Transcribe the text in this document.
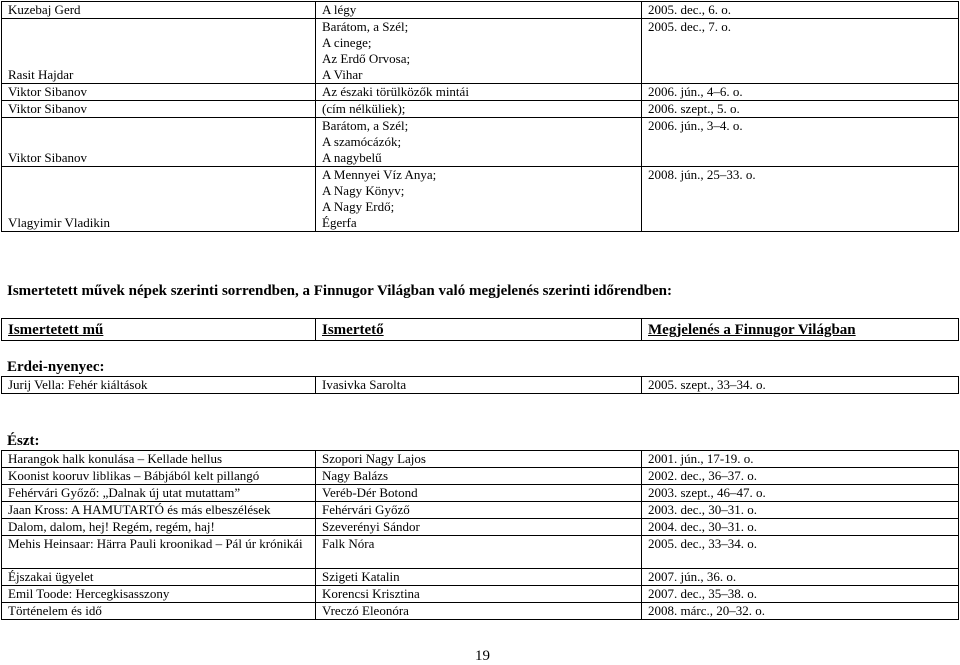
Kuzebaj Gerd	A légy	2005. dec., 6. o.

Rasit Hajdar	Barátom, a Szél;
A cinege;
Az Erdő Orvosa;
A Vihar	2005. dec., 7. o.

Viktor Sibanov	Az északi törülközők mintái	2006. jún., 4–6. o.

Viktor Sibanov	(cím nélküliek);	2006. szept., 5. o.

Viktor Sibanov	Barátom, a Szél;
A szamócázók;
A nagybelű	2006. jún., 3–4. o.

Vlagyimir Vladikin	A Mennyei Víz Anya;
A Nagy Könyv;
A Nagy Erdő;
Égerfa	2008. jún., 25–33. o.
Ismertetett művek népek szerinti sorrendben, a Finnugor Világban való megjelenés szerinti időrendben:
Ismertetett mű	Ismertető	Megjelenés a Finnugor Világban
Erdei-nyenyec:
Jurij Vella: Fehér kiáltások	Ivasivka Sarolta	2005. szept., 33–34. o.
Észt:
Harangok halk konulása – Kellade hellus	Szopori Nagy Lajos	2001. jún., 17-19. o.
Koonist kooruv liblikas – Bábjából kelt pillangó	Nagy Balázs	2002. dec., 36–37. o.
Fehérvári Győző: „Dalnak új utat mutattam”	Veréb-Dér Botond	2003. szept., 46–47. o.
Jaan Kross: A HAMUTARTÓ és más elbeszélések	Fehérvári Győző	2003. dec., 30–31. o.
Dalom, dalom, hej! Regém, regém, haj!	Szeverényi Sándor	2004. dec., 30–31. o.
Mehis Heinsaar: Härra Pauli kroonikad – Pál úr krónikái	Falk Nóra	2005. dec., 33–34. o.
Éjszakai ügyelet	Szigeti Katalin	2007. jún., 36. o.
Emil Toode: Hercegkisasszony	Korencsi Krisztina	2007. dec., 35–38. o.
Történelem és idő	Vreczó Eleonóra	2008. márc., 20–32. o.
19
